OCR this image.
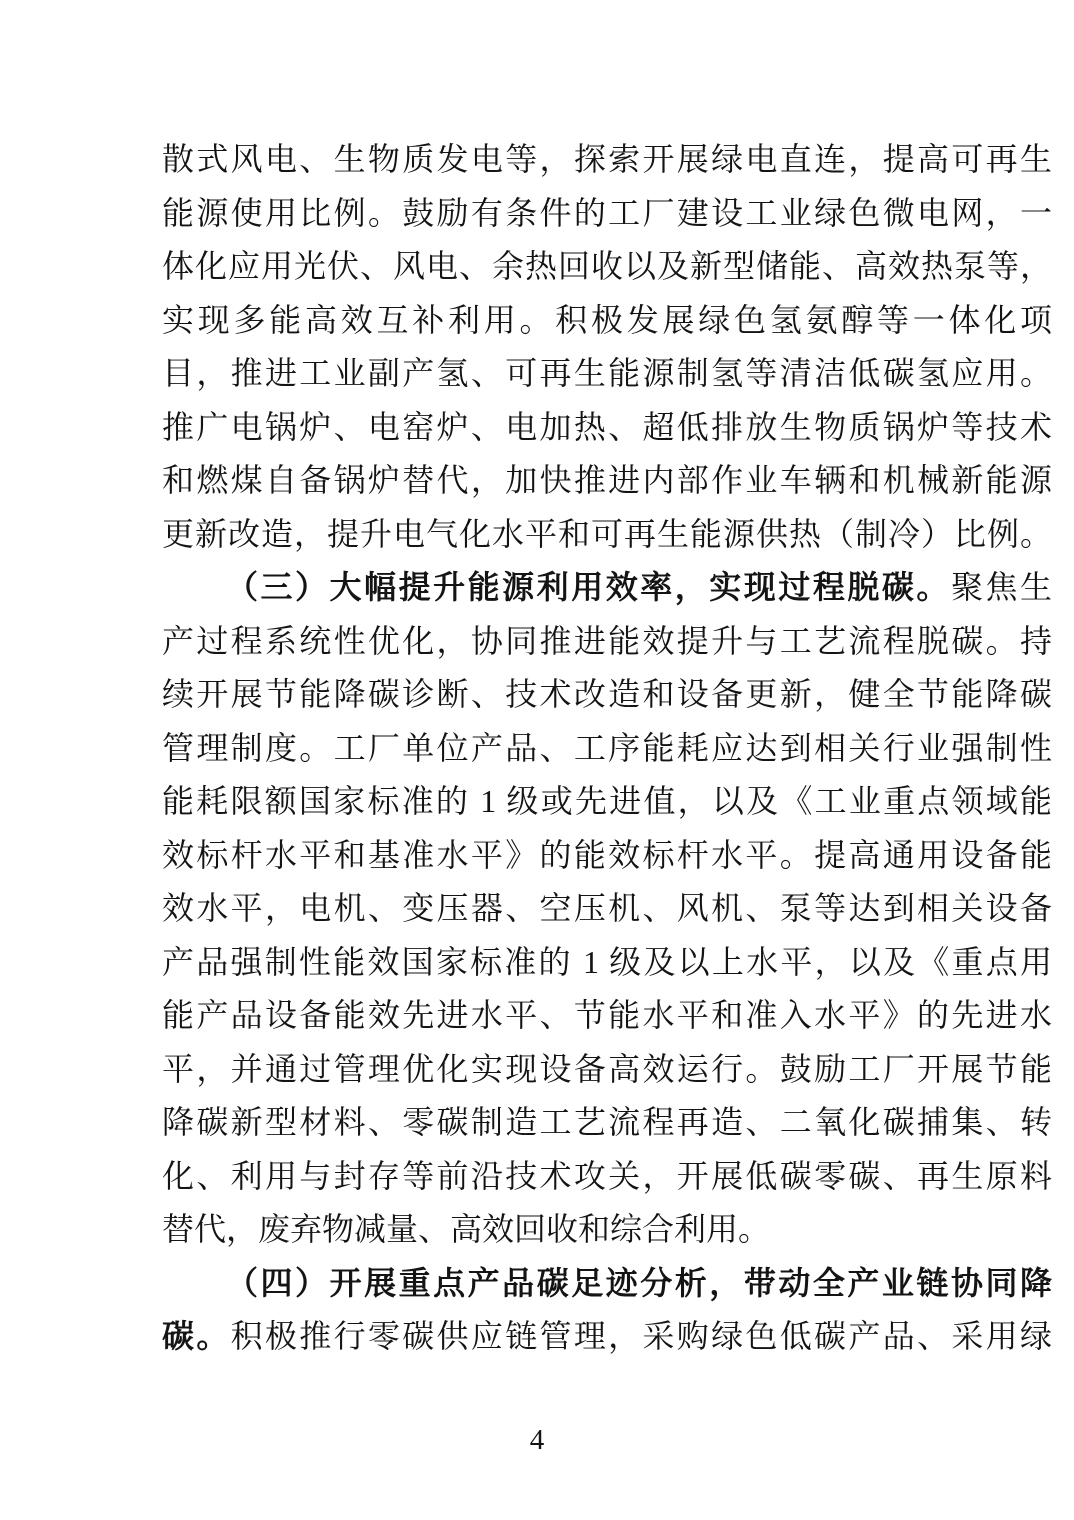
散式风电、生物质发电等，探索开展绿电直连，提高可再生
能源使用比例。鼓励有条件的工厂建设工业绿色微电网，一
体化应用光伏、风电、余热回收以及新型储能、高效热泵等，
实现多能高效互补利用。积极发展绿色氢氨醇等一体化项
目，推进工业副产氢、可再生能源制氢等清洁低碳氢应用。
推广电锅炉、电窑炉、电加热、超低排放生物质锅炉等技术
和燃煤自备锅炉替代，加快推进内部作业车辆和机械新能源
更新改造，提升电气化水平和可再生能源供热（制冷）比例。
（三）大幅提升能源利用效率，实现过程脱碳。聚焦生
产过程系统性优化，协同推进能效提升与工艺流程脱碳。持
续开展节能降碳诊断、技术改造和设备更新，健全节能降碳
管理制度。工厂单位产品、工序能耗应达到相关行业强制性
能耗限额国家标准的 1 级或先进值，以及《工业重点领域能
效标杆水平和基准水平》的能效标杆水平。提高通用设备能
效水平，电机、变压器、空压机、风机、泵等达到相关设备
产品强制性能效国家标准的 1 级及以上水平，以及《重点用
能产品设备能效先进水平、节能水平和准入水平》的先进水
平，并通过管理优化实现设备高效运行。鼓励工厂开展节能
降碳新型材料、零碳制造工艺流程再造、二氧化碳捕集、转
化、利用与封存等前沿技术攻关，开展低碳零碳、再生原料
替代，废弃物减量、高效回收和综合利用。
（四）开展重点产品碳足迹分析，带动全产业链协同降
碳。积极推行零碳供应链管理，采购绿色低碳产品、采用绿
4
